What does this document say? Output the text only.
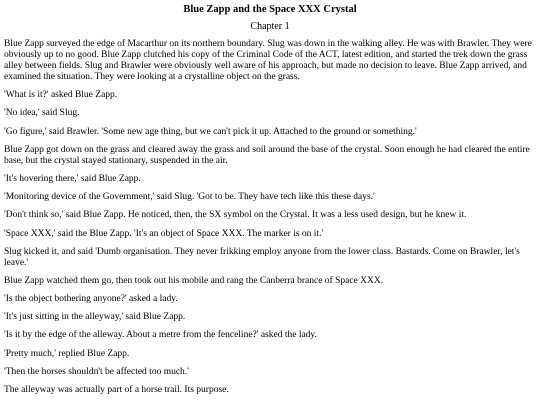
Blue Zapp and the Space XXX Crystal
Chapter 1

Blue Zapp surveyed the edge of Macarthur on its northern boundary. Slug was down in the walking alley. He was with Brawler. They were obviously up to no good. Blue Zapp clutched his copy of the Criminal Code of the ACT, latest edition, and started the trek down the grass alley between fields. Slug and Brawler were obviously well aware of his approach, but made no decision to leave. Blue Zapp arrived, and examined the situation. They were looking at a crystalline object on the grass.

'What is it?' asked Blue Zapp.

'No idea,' said Slug.

'Go figure,' said Brawler. 'Some new age thing, but we can't pick it up. Attached to the ground or something.'

Blue Zapp got down on the grass and cleared away the grass and soil around the base of the crystal. Soon enough he had cleared the entire base, but the crystal stayed stationary, suspended in the air.

'It's hovering there,' said Blue Zapp.

'Monitoring device of the Government,' said Slug. 'Got to be. They have tech like this these days.'

'Don't think so,' said Blue Zapp. He noticed, then, the SX symbol on the Crystal. It was a less used design, but he knew it.

'Space XXX,' said the Blue Zapp. 'It's an object of Space XXX. The marker is on it.'

Slug kicked it, and said 'Dumb organisation. They never frikking employ anyone from the lower class. Bastards. Come on Brawler, let's leave.'

Blue Zapp watched them go, then took out his mobile and rang the Canberra brance of Space XXX.

'Is the object bothering anyone?' asked a lady.

'It's just sitting in the alleyway,' said Blue Zapp.

'Is it by the edge of the alleway. About a metre from the fenceline?' asked the lady.

'Pretty much,' replied Blue Zapp.

'Then the horses shouldn't be affected too much.'

The alleyway was actually part of a horse trail. Its purpose.
